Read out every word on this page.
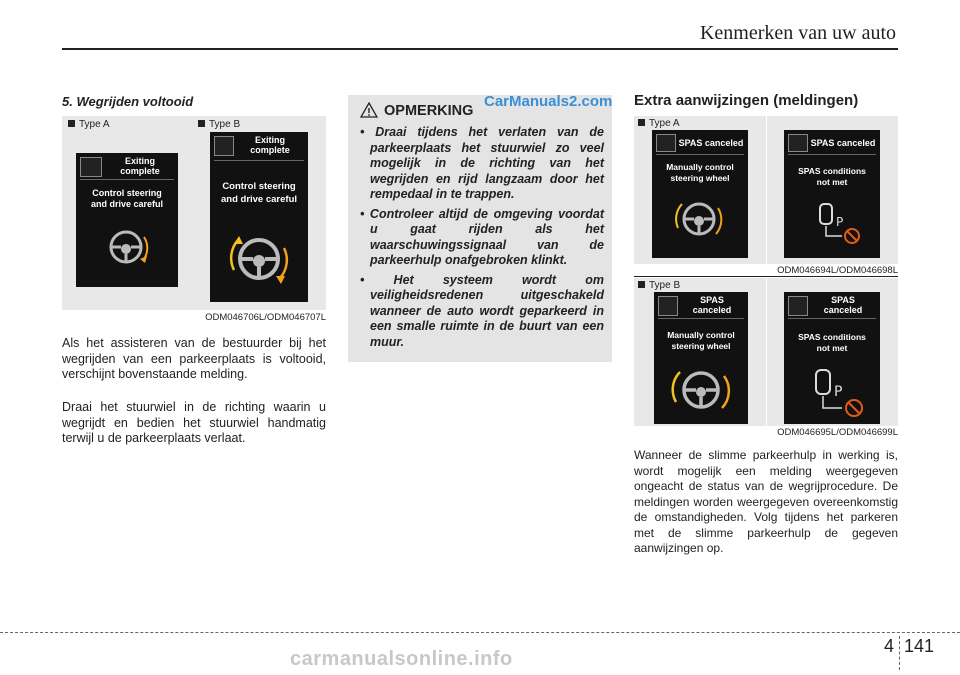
Kenmerken van uw auto
5. Wegrijden voltooid
Type A	Type B
Exiting
complete
Control steering
and drive careful
Exiting
complete
Control steering
and drive careful
ODM046706L/ODM046707L
Als het assisteren van de bestuurder bij het wegrijden van een parkeerplaats is voltooid, verschijnt bovenstaande melding.
Draai het stuurwiel in de richting waarin u wegrijdt en bedien het stuurwiel handmatig terwijl u de parkeerplaats verlaat.
OPMERKING
CarManuals2.com
• Draai tijdens het verlaten van de parkeerplaats het stuurwiel zo veel mogelijk in de richting van het wegrijden en rijd langzaam door het rempedaal in te trappen.
• Controleer altijd de omgeving voordat u gaat rijden als het waarschuwingssignaal van de parkeerhulp onafgebroken klinkt.
• Het systeem wordt om veiligheidsredenen uitgeschakeld wanneer de auto wordt geparkeerd in een smalle ruimte in de buurt van een muur.
Extra aanwijzingen (meldingen)
Type A
SPAS canceled
Manually control
steering wheel
SPAS canceled
SPAS conditions
not met
P
ODM046694L/ODM046698L
Type B
SPAS
canceled
Manually control
steering wheel
SPAS
canceled
SPAS conditions
not met
P
ODM046695L/ODM046699L
Wanneer de slimme parkeerhulp in werking is, wordt mogelijk een melding weergegeven ongeacht de status van de wegrijprocedure. De meldingen worden weergegeven overeenkomstig de omstandigheden. Volg tijdens het parkeren met de slimme parkeerhulp de gegeven aanwijzingen op.
4 141
carmanualsonline.info
